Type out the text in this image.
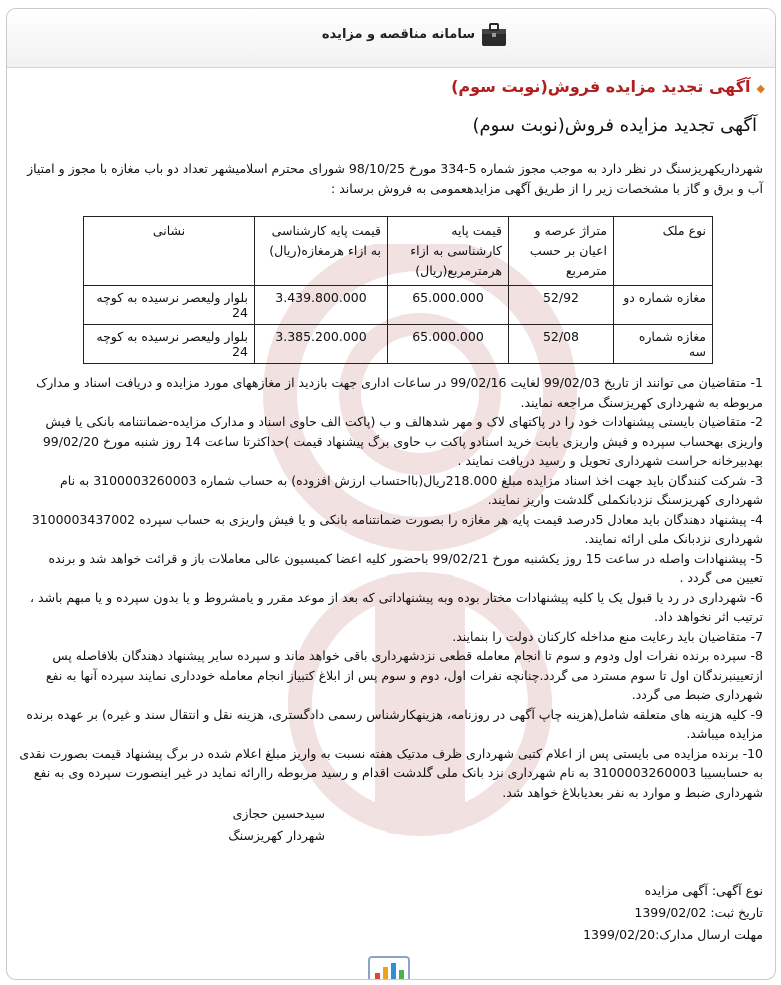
سامانه مناقصه و مزایده
◆آگهی تجدید مزایده فروش(نوبت سوم)
آگهی تجدید مزایده فروش(نوبت سوم)
شهرداریکهریزسنگ در نظر دارد به موجب مجوز شماره 5-334 مورخ 98/10/25 شورای محترم اسلامیشهر تعداد دو باب مغازه با مجوز و امتیاز آب و برق و گاز با مشخصات زیر را از طریق آگهی مزایدهعمومی به فروش برساند :
نوع ملک	متراژ عرصه و اعیان بر حسب مترمربع	قیمت پایه کارشناسی به ازاء هرمترمربع(ریال)	قیمت پایه کارشناسی به ازاء هرمغازه(ریال)	نشانی
مغازه شماره دو	52/92	65.000.000	3.439.800.000	بلوار ولیعصر نرسیده به کوچه 24
مغازه شماره سه	52/08	65.000.000	3.385.200.000	بلوار ولیعصر نرسیده به کوچه 24

1- متقاضیان می توانند از تاریخ 99/02/03 لغایت 99/02/16 در ساعات اداری جهت بازدید از مغازههای مورد مزایده و دریافت اسناد و مدارک مربوطه به شهرداری کهریزسنگ مراجعه نمایند.

2- متقاضیان بایستی پیشنهادات خود را در پاکتهای لاک و مهر شدهالف و ب (پاکت الف حاوی اسناد و مدارک مزایده-ضمانتنامه بانکی یا فیش واریزی بهحساب سپرده و فیش واریزی بابت خرید اسنادو پاکت ب حاوی برگ پیشنهاد قیمت )حداکثرتا ساعت 14 روز شنبه مورخ 99/02/20 بهدبیرخانه حراست شهرداری تحویل و رسید دریافت نمایند .

3- شرکت کنندگان باید جهت اخذ اسناد مزایده مبلغ 218.000ریال(بااحتساب ارزش افزوده) به حساب شماره 3100003260003 به نام شهرداری کهریزسنگ نزدبانکملی گلدشت واریز نمایند.

4- پیشنهاد دهندگان باید معادل 5درصد قیمت پایه هر مغازه را بصورت ضمانتنامه بانکی و یا فیش واریزی به حساب سپرده 3100003437002 شهرداری نزدبانک ملی ارائه نمایند.

5- پیشنهادات واصله در ساعت 15 روز یکشنبه مورخ 99/02/21 باحضور کلیه اعضا کمیسیون عالی معاملات باز و قرائت خواهد شد و برنده تعیین می گردد .

6- شهرداری در رد یا قبول یک یا کلیه پیشنهادات مختار بوده وبه پیشنهاداتی که بعد از موعد مقرر و یامشروط و یا بدون سپرده و یا مبهم باشد ، ترتیب اثر نخواهد داد.

7- متقاضیان باید رعایت منع مداخله کارکنان دولت را بنمایند.

8- سپرده برنده نفرات اول ودوم و سوم تا انجام معامله قطعی نزدشهرداری باقی خواهد ماند و سپرده سایر پیشنهاد دهندگان بلافاصله پس ازتعیینبرندگان اول تا سوم مسترد می گردد.چنانچه نفرات اول، دوم و سوم پس از ابلاغ کتبیاز انجام معامله خودداری نمایند سپرده آنها به نفع شهرداری ضبط می گردد.

9- کلیه هزینه های متعلقه شامل(هزینه چاپ آگهی در روزنامه، هزینهکارشناس رسمی دادگستری، هزینه نقل و انتقال سند و غیره) بر عهده برنده مزایده میباشد.

10- برنده مزایده می بایستی پس از اعلام کتبی شهرداری ظرف مدتیک هفته نسبت به واریز مبلغ اعلام شده در برگ پیشنهاد قیمت بصورت نقدی به حسابسیبا 3100003260003 به نام شهرداری نزد بانک ملی گلدشت اقدام و رسید مربوطه راارائه نماید در غیر اینصورت سپرده وی به نفع شهرداری ضبط و موارد به نفر بعدیابلاغ خواهد شد.

سیدحسین حجازی
شهردار کهریزسنگ
نوع آگهی: آگهی مزایده
تاریخ ثبت: 1399/02/02
مهلت ارسال مدارک:1399/02/20
